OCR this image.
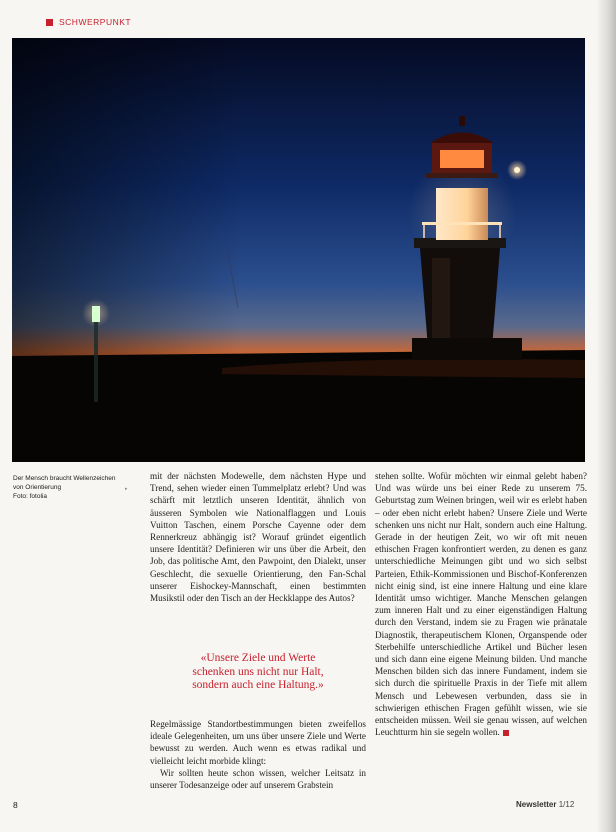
SCHWERPUNKT
Der Mensch braucht Wellenzeichen
von Orientierung
Foto: fotolia
▸

mit der nächsten Modewelle, dem nächsten Hype und Trend, sehen wieder einen Tummelplatz erlebt? Und was schärft mit letztlich unseren Identität, ähnlich von äusseren Symbolen wie Nationalflaggen und Louis Vuitton Taschen, einem Porsche Cayenne oder dem Rennerkreuz abhängig ist? Worauf gründet eigentlich unsere Identität? Definieren wir uns über die Arbeit, den Job, das politische Amt, den Pawpoint, den Dialekt, unser Geschlecht, die sexuelle Orientierung, den Fan-Schal unserer Eishockey-Mannschaft, einen bestimmten Musikstil oder den Tisch an der Heckklappe des Autos?

«Unsere Ziele und Werte
schenken uns nicht nur Halt,
sondern auch eine Haltung.»

Regelmässige Standortbestimmungen bieten zweifellos ideale Gelegenheiten, um uns über unsere Ziele und Werte bewusst zu werden. Auch wenn es etwas radikal und vielleicht leicht morbide klingt:

Wir sollten heute schon wissen, welcher Leitsatz in unserer Todesanzeige oder auf unserem Grabstein

stehen sollte. Wofür möchten wir einmal gelebt haben? Und was würde uns bei einer Rede zu unserem 75. Geburtstag zum Weinen bringen, weil wir es erlebt haben – oder eben nicht erlebt haben? Unsere Ziele und Werte schenken uns nicht nur Halt, sondern auch eine Haltung. Gerade in der heutigen Zeit, wo wir oft mit neuen ethischen Fragen konfrontiert werden, zu denen es ganz unterschiedliche Meinungen gibt und wo sich selbst Parteien, Ethik-Kommissionen und Bischof-Konferenzen nicht einig sind, ist eine innere Haltung und eine klare Identität umso wichtiger. Manche Menschen gelangen zum inneren Halt und zu einer eigenständigen Haltung durch den Verstand, indem sie zu Fragen wie pränatale Diagnostik, therapeutischem Klonen, Organspende oder Sterbehilfe unterschiedliche Artikel und Bücher lesen und sich dann eine eigene Meinung bilden. Und manche Menschen bilden sich das innere Fundament, indem sie sich durch die spirituelle Praxis in der Tiefe mit allem Mensch und Lebewesen verbunden, dass sie in schwierigen ethischen Fragen gefühlt wissen, wie sie entscheiden müssen. Weil sie genau wissen, auf welchen Leuchtturm hin sie segeln wollen.

8	Newsletter 1/12
